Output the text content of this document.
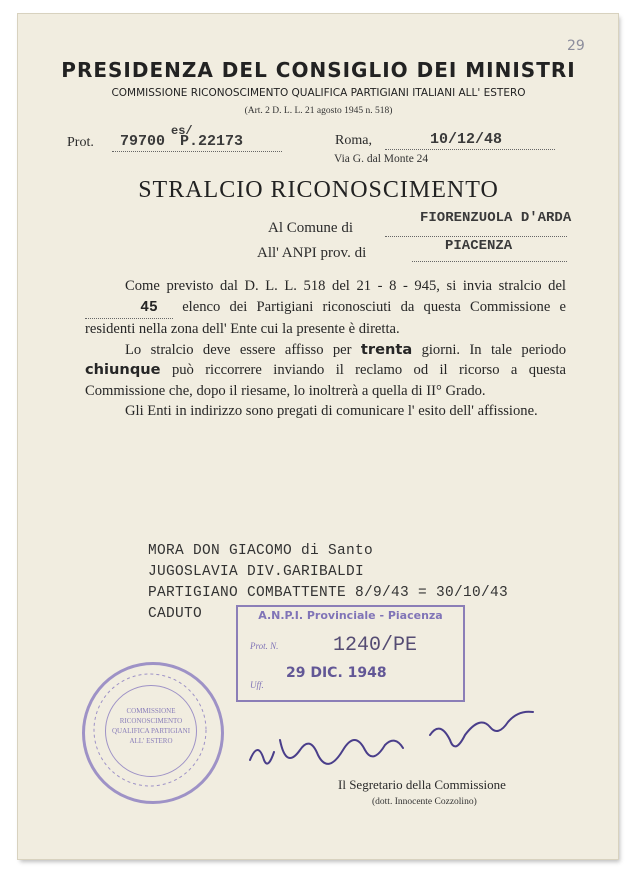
29
PRESIDENZA DEL CONSIGLIO DEI MINISTRI
COMMISSIONE RICONOSCIMENTO QUALIFICA PARTIGIANI ITALIANI ALL' ESTERO
(Art. 2 D. L. L. 21 agosto 1945 n. 518)
Prot. 79700
es/
P.22173	Roma,	10/12/48
Via G. dal Monte 24
STRALCIO RICONOSCIMENTO
Al Comune di
FIORENZUOLA D'ARDA
All' ANPI prov. di	PIACENZA

Come previsto dal D. L. L. 518 del 21 - 8 - 945, si invia stralcio del 45 elenco dei Partigiani riconosciuti da questa Commissione e residenti nella zona dell' Ente cui la presente è diretta.

Lo stralcio deve essere affisso per trenta giorni. In tale periodo chiunque può riccorrere inviando il reclamo od il ricorso a questa Commissione che, dopo il riesame, lo inoltrerà a quella di II° Grado.

Gli Enti in indirizzo sono pregati di comunicare l' esito dell' affissione.

MORA DON GIACOMO di Santo
JUGOSLAVIA DIV.GARIBALDI
PARTIGIANO COMBATTENTE 8/9/43 = 30/10/43
CADUTO	A.N.P.I. Provinciale - Piacenza
Prot. N.	1240/PE
29 DIC. 1948
Uff.
COMMISSIONE RICONOSCIMENTO QUALIFICA PARTIGIANI ALL' ESTERO
Il Segretario della Commissione
(dott. Innocente Cozzolino)
